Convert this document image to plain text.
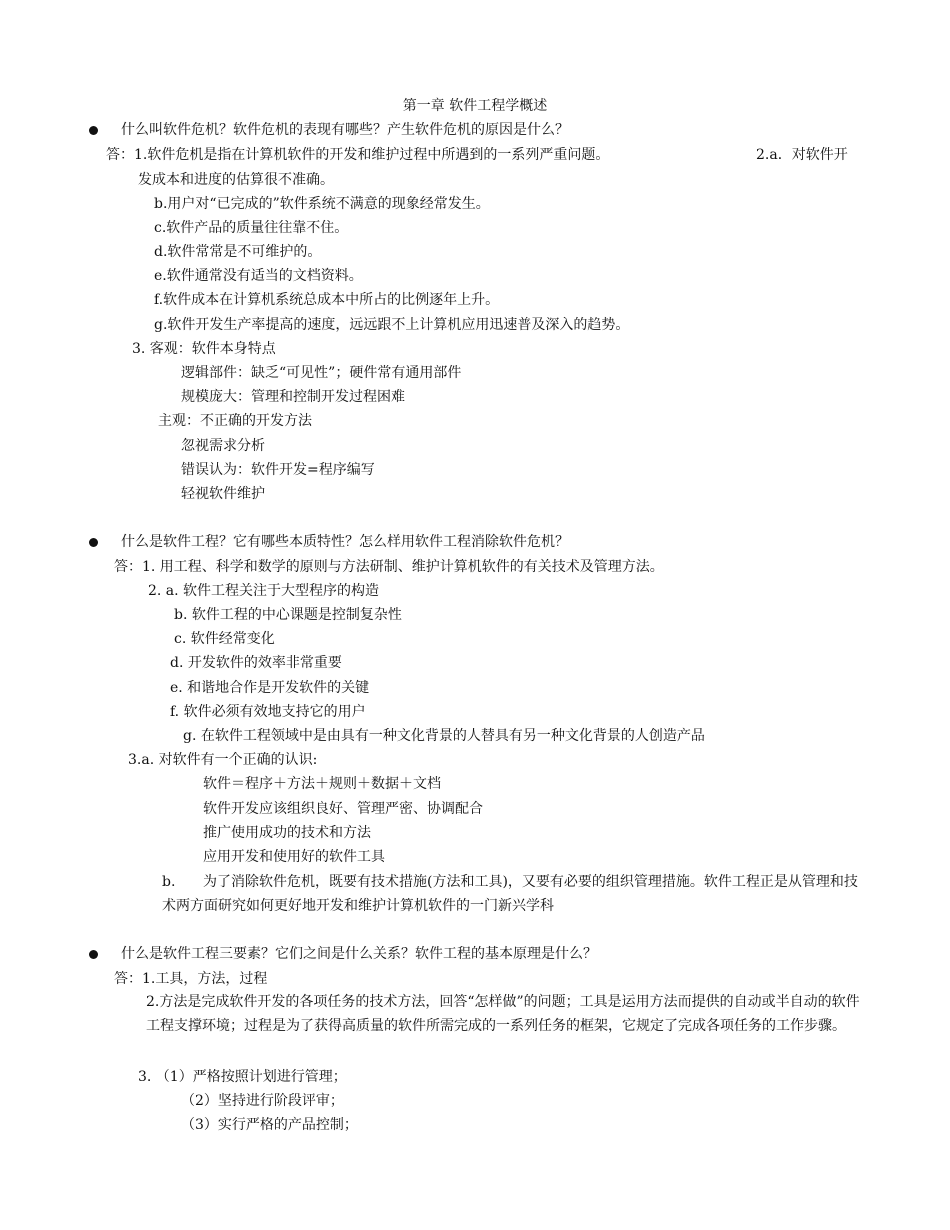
第一章 软件工程学概述
什么叫软件危机？软件危机的表现有哪些？产生软件危机的原因是什么？
答：1.软件危机是指在计算机软件的开发和维护过程中所遇到的一系列严重问题。	2.a．对软件开
发成本和进度的估算很不准确。
b.用户对“已完成的”软件系统不满意的现象经常发生。
c.软件产品的质量往往靠不住。
d.软件常常是不可维护的。
e.软件通常没有适当的文档资料。
f.软件成本在计算机系统总成本中所占的比例逐年上升。
g.软件开发生产率提高的速度，远远跟不上计算机应用迅速普及深入的趋势。
3. 客观：软件本身特点
逻辑部件：缺乏“可见性”；硬件常有通用部件
规模庞大：管理和控制开发过程困难
主观：不正确的开发方法
忽视需求分析
错误认为：软件开发=程序编写
轻视软件维护
什么是软件工程？它有哪些本质特性？怎么样用软件工程消除软件危机？
答：1. 用工程、科学和数学的原则与方法研制、维护计算机软件的有关技术及管理方法。
2. a. 软件工程关注于大型程序的构造
b. 软件工程的中心课题是控制复杂性
c. 软件经常变化
d. 开发软件的效率非常重要
e. 和谐地合作是开发软件的关键
f. 软件必须有效地支持它的用户
g. 在软件工程领域中是由具有一种文化背景的人替具有另一种文化背景的人创造产品
3.a. 对软件有一个正确的认识:
软件＝程序＋方法＋规则＋数据＋文档
软件开发应该组织良好、管理严密、协调配合
推广使用成功的技术和方法
应用开发和使用好的软件工具
b.	为了消除软件危机，既要有技术措施(方法和工具)，又要有必要的组织管理措施。软件工程正是从管理和技术两方面研究如何更好地开发和维护计算机软件的一门新兴学科
什么是软件工程三要素？它们之间是什么关系？软件工程的基本原理是什么？
答：1.工具，方法，过程
2.方法是完成软件开发的各项任务的技术方法，回答“怎样做”的问题；工具是运用方法而提供的自动或半自动的软件工程支撑环境；过程是为了获得高质量的软件所需完成的一系列任务的框架，它规定了完成各项任务的工作步骤。
3. （1）严格按照计划进行管理；
（2）坚持进行阶段评审；
（3）实行严格的产品控制；
